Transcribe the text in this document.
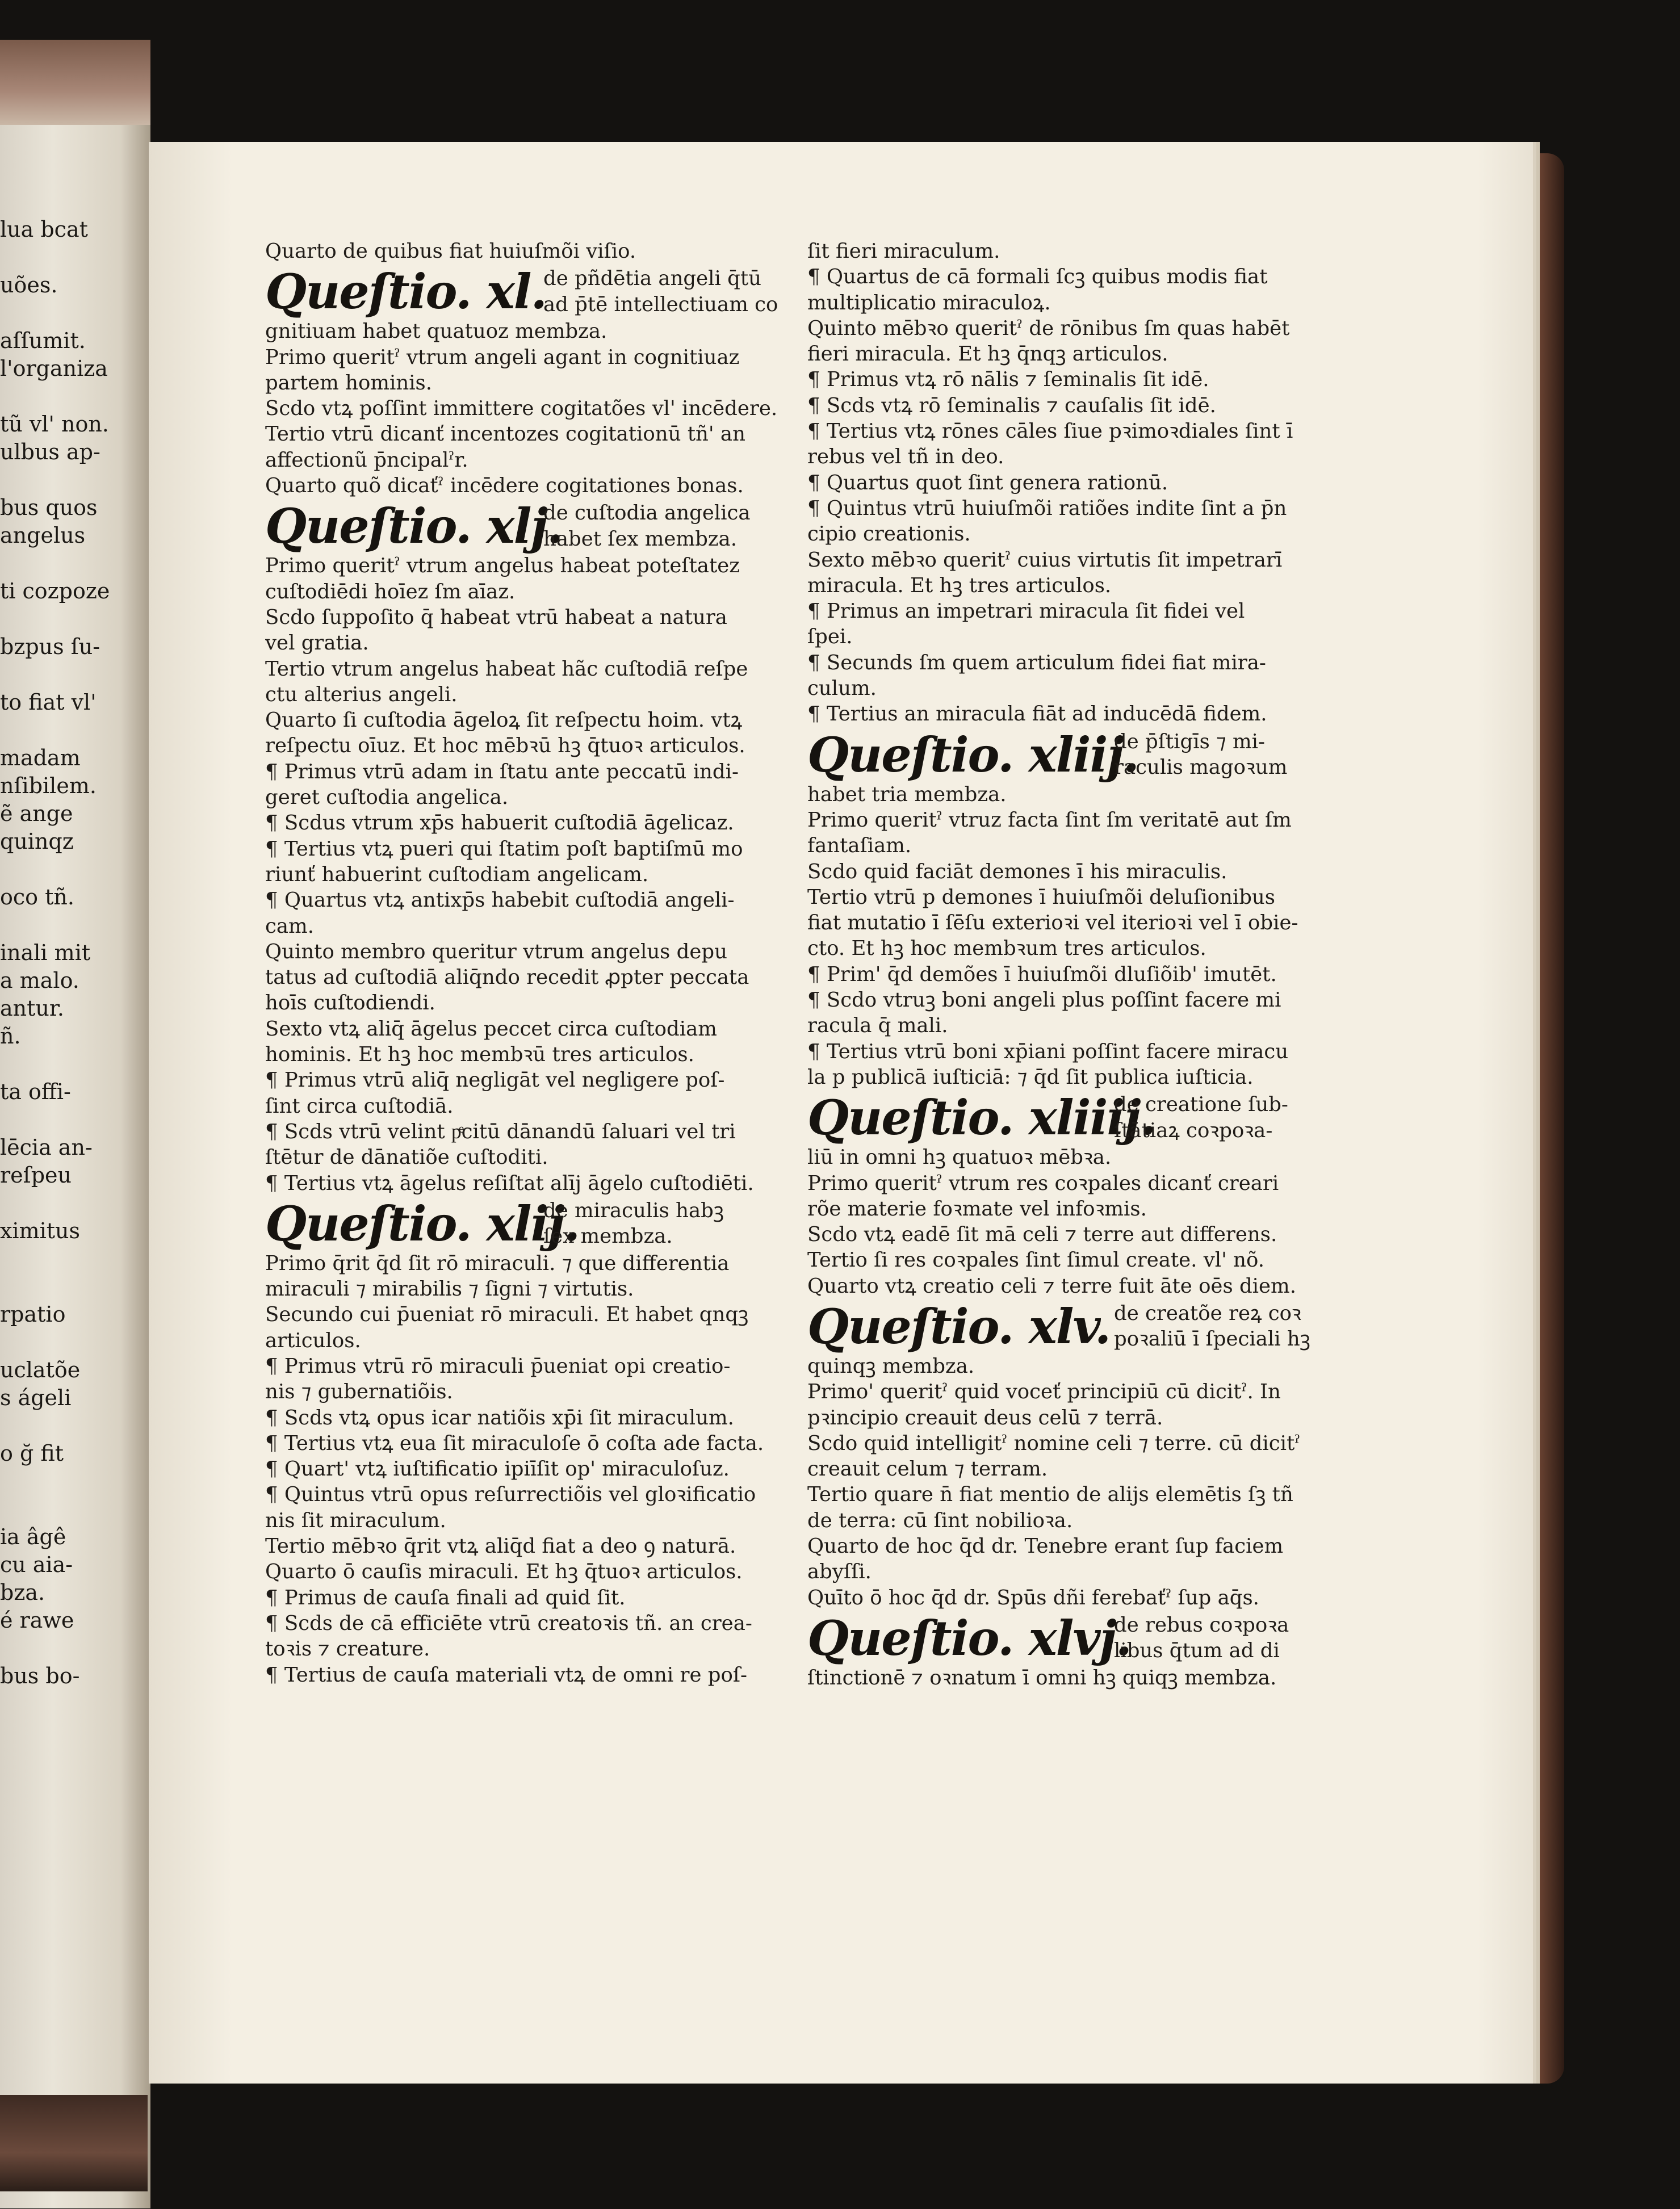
lua bcat
uões.
aſſumit.
l'organiza
tũ vl' non.
ulbus ap-
bus quos
angelus
ti cozpoze
bzpus ſu-
to fiat vl'
madam
nſibilem.
ẽ ange
quinqz
oco tñ.
inali mit
a malo.
antur.
ñ.
ta offi-
lēcia an-
reſpeu
ximitus
rpatio
uclatõe
s ágeli
o ğ fit
ia âgê
cu aia-
bza.
é rawe
bus bo-
Quarto de quibus fiat huiuſmõi viſio.
Queſtio. xl.
de pñdētia angeli q̄tū
ad p̄tē intellectiuam co
gnitiuam habet quatuoz membza.
Primo queritˀ vtrum angeli agant in cognitiuaz
partem hominis.
Scdo vtꝝ poſſint immittere cogitatões vl' incēdere.
Tertio vtrū dicanť incentozes cogitationū tñ' an
affectionũ p̄ncipalˀr.
Quarto quõ dicaťˀ incēdere cogitationes bonas.
Queſtio. xlj.
de cuſtodia angelica
habet ſex membza.
Primo queritˀ vtrum angelus habeat poteſtatez
cuſtodiēdi hoīez ſm aīaz.
Scdo ſuppoſito q̄ habeat vtrū habeat a natura
vel gratia.
Tertio vtrum angelus habeat hãc cuſtodiā reſpe
ctu alterius angeli.
Quarto ſi cuſtodia āgeloꝝ ſit reſpectu hoim. vtꝝ
reſpectu oīuz. Et hoc mēbꝛū hꝫ q̄tuoꝛ articulos.
¶ Primus vtrū adam in ſtatu ante peccatū indi-
geret cuſtodia angelica.
¶ Scdus vtrum xp̄s habuerit cuſtodiā āgelicaz.
¶ Tertius vtꝝ pueri qui ſtatim poſt baptiſmū mo
riunť habuerint cuſtodiam angelicam.
¶ Quartus vtꝝ antixp̄s habebit cuſtodiā angeli-
cam.
Quinto membro queritur vtrum angelus depu
tatus ad cuſtodiā aliq̄ndo recedit ꝓpter peccata
hoīs cuſtodiendi.
Sexto vtꝝ aliq̄ āgelus peccet circa cuſtodiam
hominis. Et hꝫ hoc membꝛū tres articulos.
¶ Primus vtrū aliq̄ negligāt vel negligere poſ-
ſint circa cuſtodiā.
¶ Scds vtrū velint pͤcitū dānandū ſaluari vel tri
ſtētur de dānatiõe cuſtoditi.
¶ Tertius vtꝝ āgelus reſiſtat alīj āgelo cuſtodiēti.
Queſtio. xlij.
de miraculis habꝫ
ſex membza.
Primo q̄rit q̄d ſit rō miraculi. ⁊ que differentia
miraculi ⁊ mirabilis ⁊ ſigni ⁊ virtutis.
Secundo cui p̄ueniat rō miraculi. Et habet qnqꝫ
articulos.
¶ Primus vtrū rō miraculi p̄ueniat opi creatio-
nis ⁊ gubernatiõis.
¶ Scds vtꝝ opus icar natiõis xp̄i ſit miraculum.
¶ Tertius vtꝝ eua ſit miraculoſe ō coſta ade facta.
¶ Quart' vtꝝ iuſtificatio ipiīſit op' miraculoſuz.
¶ Quintus vtrū opus reſurrectiõis vel gloꝛificatio
nis ſit miraculum.
Tertio mēbꝛo q̄rit vtꝝ aliq̄d fiat a deo ꝯ naturā.
Quarto ō cauſis miraculi. Et hꝫ q̄tuoꝛ articulos.
¶ Primus de cauſa finali ad quid ſit.
¶ Scds de cā efficiēte vtrū creatoꝛis tñ. an crea-
toꝛis ⁊ creature.
¶ Tertius de cauſa materiali vtꝝ de omni re poſ-
ſit fieri miraculum.
¶ Quartus de cā formali ſcꝫ quibus modis fiat
multiplicatio miraculoꝝ.
Quinto mēbꝛo queritˀ de rōnibus ſm quas habēt
fieri miracula. Et hꝫ q̄nqꝫ articulos.
¶ Primus vtꝝ rō nālis ⁊ ſeminalis ſit idē.
¶ Scds vtꝝ rō ſeminalis ⁊ cauſalis ſit idē.
¶ Tertius vtꝝ rōnes cāles ſiue pꝛimoꝛdiales ſint ī
rebus vel tñ in deo.
¶ Quartus quot ſint genera rationū.
¶ Quintus vtrū huiuſmõi ratiões indite ſint a p̄n
cipio creationis.
Sexto mēbꝛo queritˀ cuius virtutis ſit impetrarī
miracula. Et hꝫ tres articulos.
¶ Primus an impetrari miracula ſit fidei vel
ſpei.
¶ Secunds ſm quem articulum fidei fiat mira-
culum.
¶ Tertius an miracula fiāt ad inducēdā fidem.
Queſtio. xliij.
de p̄ſtigīs ⁊ mi-
raculis magoꝛum
habet tria membza.
Primo queritˀ vtruz facta ſint ſm veritatē aut ſm
fantaſiam.
Scdo quid faciāt demones ī his miraculis.
Tertio vtrū p demones ī huiuſmõi deluſionibus
fiat mutatio ī ſēſu exterioꝛi vel iterioꝛi vel ī obie-
cto. Et hꝫ hoc membꝛum tres articulos.
¶ Prim' q̄d demões ī huiuſmõi dluſiõib' imutēt.
¶ Scdo vtruꝫ boni angeli plus poſſint facere mi
racula q̄ mali.
¶ Tertius vtrū boni xp̄iani poſſint facere miracu
la p publicā iuſticiā: ⁊ q̄d ſit publica iuſticia.
Queſtio. xliiij.
de creatione ſub-
ſtātiaꝝ coꝛpoꝛa-
liū in omni hꝫ quatuoꝛ mēbꝛa.
Primo queritˀ vtrum res coꝛpales dicanť creari
rõe materie foꝛmate vel infoꝛmis.
Scdo vtꝝ eadē ſit mā celi ⁊ terre aut differens.
Tertio ſi res coꝛpales ſint ſimul create. vl' nõ.
Quarto vtꝝ creatio celi ⁊ terre fuit āte oēs diem.
Queſtio. xlv. de creatõe reꝝ coꝛ
poꝛaliū ī ſpeciali hꝫ
quinqꝫ membza.
Primo' queritˀ quid voceť principiū cū dicitˀ. In
pꝛincipio creauit deus celū ⁊ terrā.
Scdo quid intelligitˀ nomine celi ⁊ terre. cū dicitˀ
creauit celum ⁊ terram.
Tertio quare n̄ fiat mentio de alijs elemētis ſꝫ tñ
de terra: cū ſint nobilioꝛa.
Quarto de hoc q̄d dr. Tenebre erant ſup faciem
abyſſi.
Quīto ō hoc q̄d dr. Spūs dñi ferebaťˀ ſup aq̄s.
Queſtio. xlvj.
de rebus coꝛpoꝛa
libus q̄tum ad di
ſtinctionē ⁊ oꝛnatum ī omni hꝫ quiqꝫ membza.
